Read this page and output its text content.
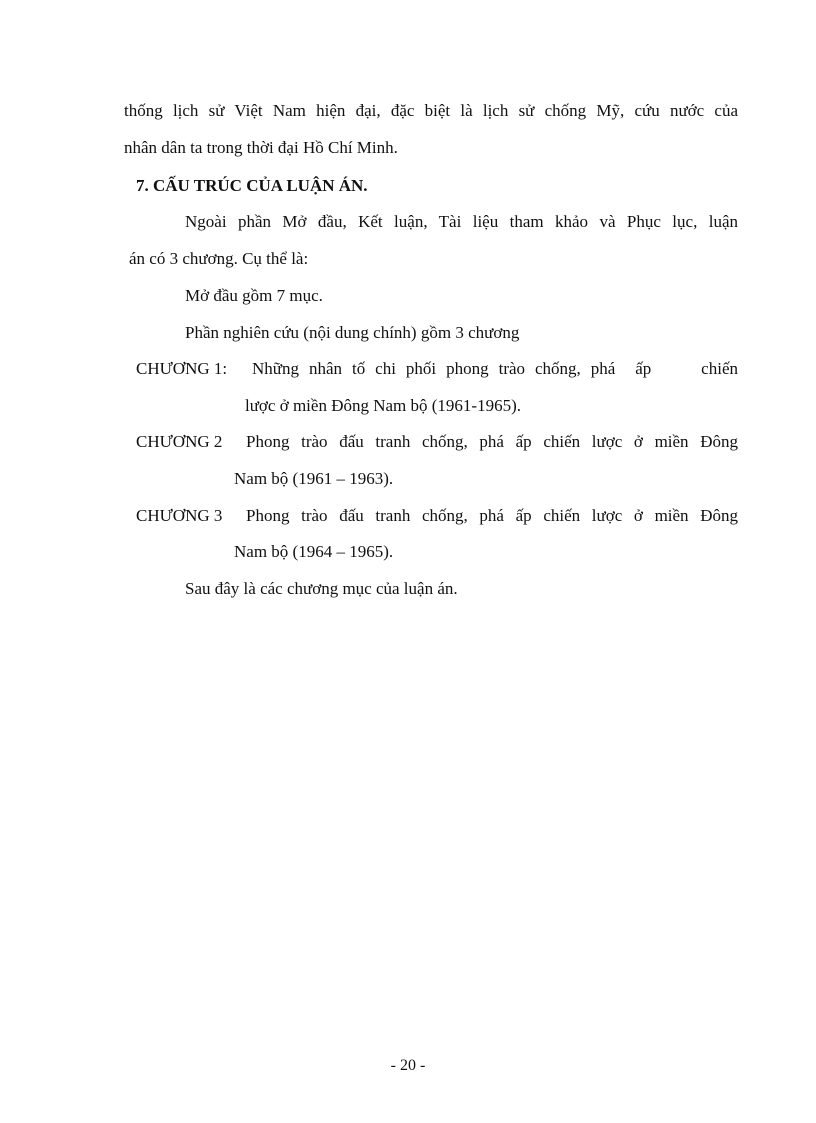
thống lịch sử Việt Nam hiện đại, đặc biệt là lịch sử chống Mỹ, cứu nước của
nhân dân ta trong thời đại Hồ Chí Minh.
7. CẤU TRÚC CỦA LUẬN ÁN.
Ngoài phần Mở đầu, Kết luận, Tài liệu tham khảo và Phục lục, luận
án có 3 chương. Cụ thể là:
Mở đầu gồm 7 mục.
Phần nghiên cứu (nội dung chính) gồm 3 chương
CHƯƠNG 1: Những nhân tố chi phối phong trào chống, phá  ấp     chiến
lược ở miền Đông Nam bộ (1961-1965).
CHƯƠNG 2 Phong trào đấu tranh chống, phá ấp chiến lược ở miền Đông
Nam bộ (1961 – 1963).
CHƯƠNG 3 Phong trào đấu tranh chống, phá ấp chiến lược ở miền Đông
Nam bộ (1964 – 1965).
Sau đây là các chương mục của luận án.
- 20 -
